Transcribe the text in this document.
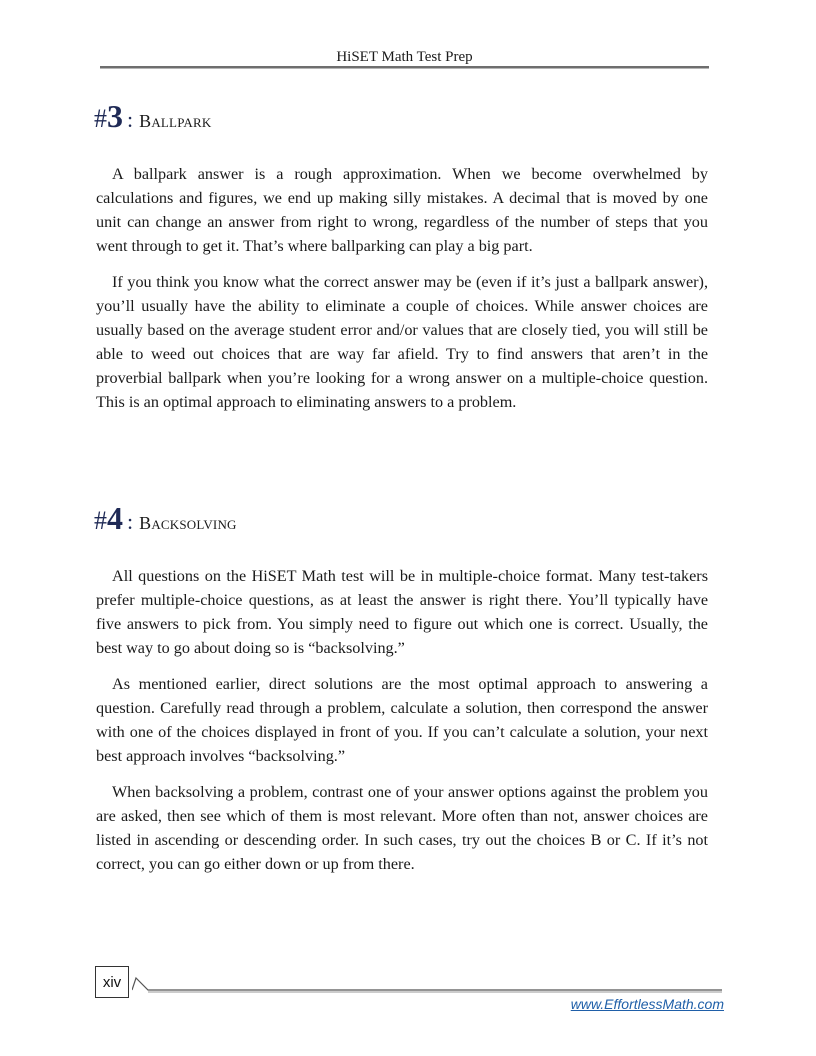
HiSET Math Test Prep
# 3 : Ballpark

A ballpark answer is a rough approximation. When we become overwhelmed by calculations and figures, we end up making silly mistakes. A decimal that is moved by one unit can change an answer from right to wrong, regardless of the number of steps that you went through to get it. That’s where ballparking can play a big part.

If you think you know what the correct answer may be (even if it’s just a ballpark answer), you’ll usually have the ability to eliminate a couple of choices. While answer choices are usually based on the average student error and/or values that are closely tied, you will still be able to weed out choices that are way far afield. Try to find answers that aren’t in the proverbial ballpark when you’re looking for a wrong answer on a multiple-choice question. This is an optimal approach to eliminating answers to a problem.

# 4 : Backsolving

All questions on the HiSET Math test will be in multiple-choice format. Many test-takers prefer multiple-choice questions, as at least the answer is right there. You’ll typically have five answers to pick from. You simply need to figure out which one is correct. Usually, the best way to go about doing so is “backsolving.”

As mentioned earlier, direct solutions are the most optimal approach to answering a question. Carefully read through a problem, calculate a solution, then correspond the answer with one of the choices displayed in front of you. If you can’t calculate a solution, your next best approach involves “backsolving.”

When backsolving a problem, contrast one of your answer options against the problem you are asked, then see which of them is most relevant. More often than not, answer choices are listed in ascending or descending order. In such cases, try out the choices B or C. If it’s not correct, you can go either down or up from there.

xiv
www.EffortlessMath.com
